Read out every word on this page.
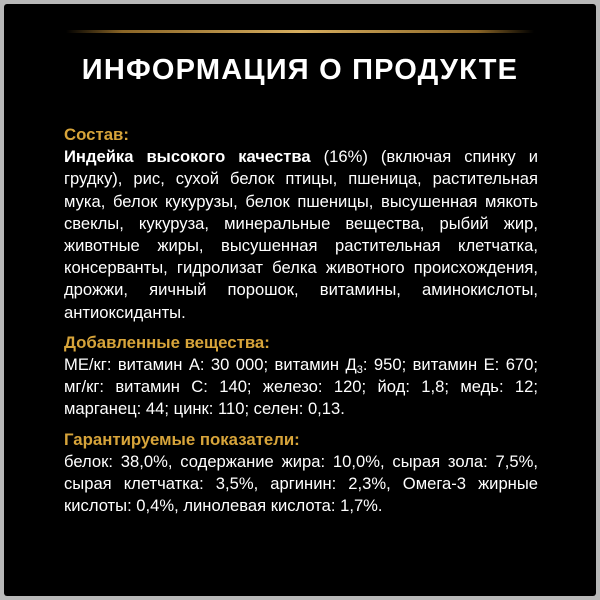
ИНФОРМАЦИЯ О ПРОДУКТЕ

Состав:

Индейка высокого качества (16%) (включая спинку и грудку), рис, сухой белок птицы, пшеница, растительная мука, белок кукурузы, белок пшеницы, высушенная мякоть свеклы, кукуруза, минеральные вещества, рыбий жир, животные жиры, высушенная растительная клетчатка, консерванты, гидролизат белка животного происхождения, дрожжи, яичный порошок, витамины, аминокислоты, антиоксиданты.

Добавленные вещества:

МЕ/кг: витамин А: 30 000; витамин $Д_3$: 950; витамин Е: 670; мг/кг: витамин С: 140; железо: 120; йод: 1,8; медь: 12; марганец: 44; цинк: 110; селен: 0,13.

Гарантируемые показатели:

белок: 38,0%, содержание жира: 10,0%, сырая зола: 7,5%, сырая клетчатка: 3,5%, аргинин: 2,3%, Омега-3 жирные кислоты: 0,4%, линолевая кислота: 1,7%.
